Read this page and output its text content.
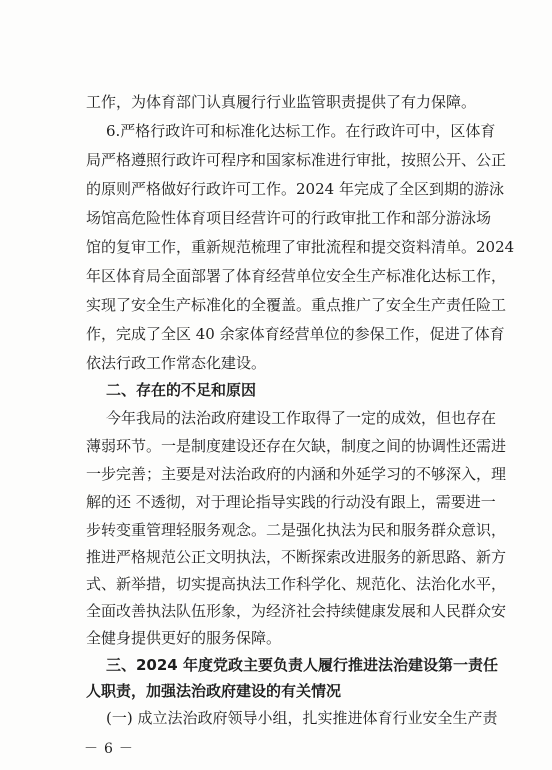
工作，为体育部门认真履行行业监管职责提供了有力保障。
6.严格行政许可和标准化达标工作。在行政许可中，区体育
局严格遵照行政许可程序和国家标准进行审批，按照公开、公正
的原则严格做好行政许可工作。2024 年完成了全区到期的游泳
场馆高危险性体育项目经营许可的行政审批工作和部分游泳场
馆的复审工作，重新规范梳理了审批流程和提交资料清单。2024
年区体育局全面部署了体育经营单位安全生产标准化达标工作，
实现了安全生产标准化的全覆盖。重点推广了安全生产责任险工
作，完成了全区 40 余家体育经营单位的参保工作，促进了体育
依法行政工作常态化建设。
二、存在的不足和原因
今年我局的法治政府建设工作取得了一定的成效，但也存在
薄弱环节。一是制度建设还存在欠缺，制度之间的协调性还需进
一步完善；主要是对法治政府的内涵和外延学习的不够深入，理
解的还 不透彻，对于理论指导实践的行动没有跟上，需要进一
步转变重管理轻服务观念。二是强化执法为民和服务群众意识，
推进严格规范公正文明执法，不断探索改进服务的新思路、新方
式、新举措，切实提高执法工作科学化、规范化、法治化水平，
全面改善执法队伍形象，为经济社会持续健康发展和人民群众安
全健身提供更好的服务保障。
三、2024 年度党政主要负责人履行推进法治建设第一责任
人职责，加强法治政府建设的有关情况
(一) 成立法治政府领导小组，扎实推进体育行业安全生产责
－6－
